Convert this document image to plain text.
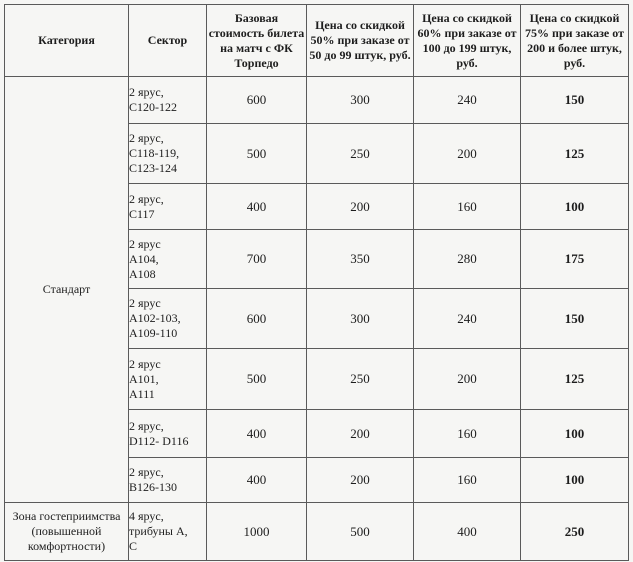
Категория	Сектор	Базовая стоимость билета на матч с ФК Торпедо	Цена со скидкой 50% при заказе от 50 до 99 штук, руб.	Цена со скидкой 60% при заказе от 100 до 199 штук, руб.	Цена со скидкой 75% при заказе от 200 и более штук, руб.
Стандарт	2 ярус,
С120-122	600	300	240	150

	2 ярус,
С118-119,
С123-124	500	250	200	125

	2 ярус,
С117	400	200	160	100

	2 ярус
А104,
А108	700	350	280	175

	2 ярус
А102-103,
А109-110	600	300	240	150

	2 ярус
А101,
А111	500	250	200	125

	2 ярус,
D112- D116	400	200	160	100

	2 ярус,
В126-130	400	200	160	100
Зона гостеприимства (повышенной комфортности)	4 ярус,
трибуны А,
С	1000	500	400	250
